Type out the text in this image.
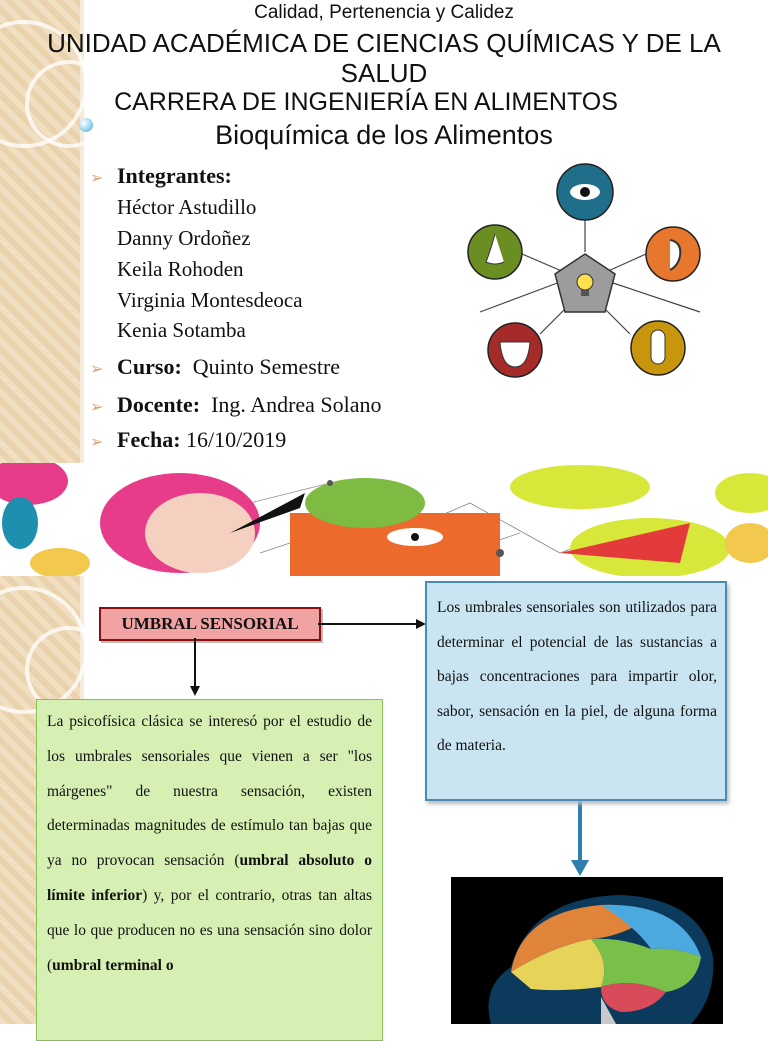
Calidad, Pertenencia y Calidez
UNIDAD ACADÉMICA DE CIENCIAS QUÍMICAS Y DE LA SALUD
CARRERA DE INGENIERÍA EN ALIMENTOS
Bioquímica de los Alimentos
➢ Integrantes:
Héctor Astudillo
Danny Ordoñez
Keila Rohoden
Virginia Montesdeoca
Kenia Sotamba
➢ Curso: Quinto Semestre
➢ Docente: Ing. Andrea Solano
➢ Fecha: 16/10/2019
UMBRAL SENSORIAL

Los umbrales sensoriales son utilizados para determinar el potencial de las sustancias a bajas concentraciones para impartir olor, sabor, sensación en la piel, de alguna forma de materia.

La psicofísica clásica se interesó por el estudio de los umbrales sensoriales que vienen a ser "los márgenes" de nuestra sensación, existen determinadas magnitudes de estímulo tan bajas que ya no provocan sensación (umbral absoluto o límite inferior) y, por el contrario, otras tan altas que lo que producen no es una sensación sino dolor (umbral terminal o
